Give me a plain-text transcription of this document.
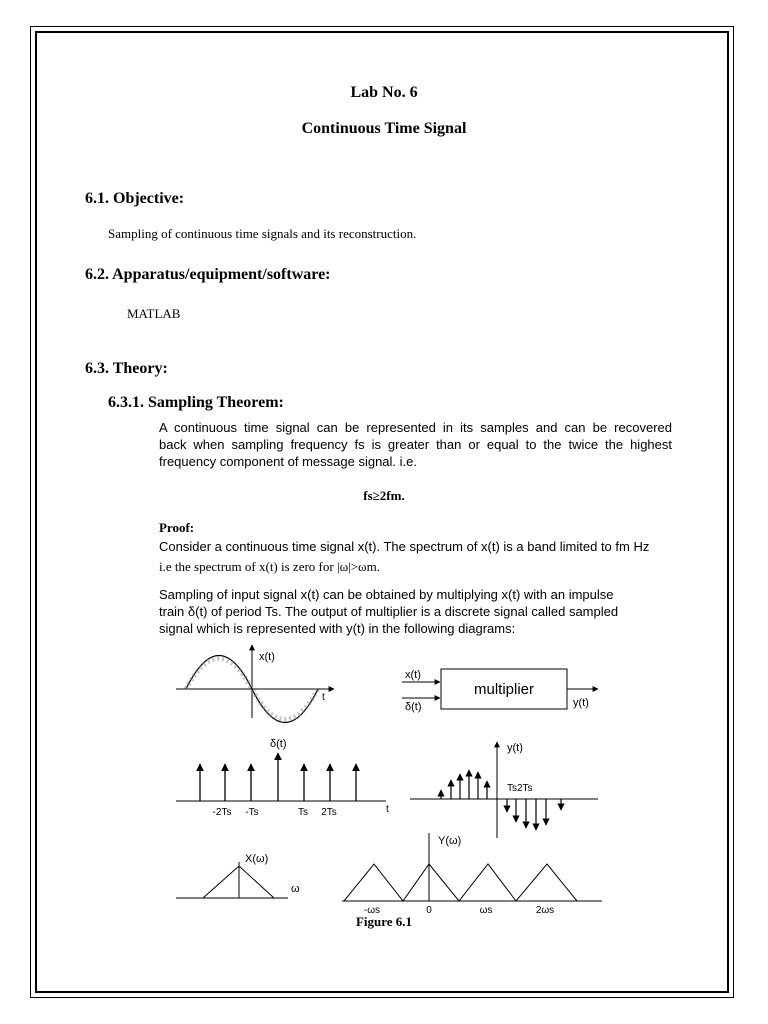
Lab No. 6
Continuous Time Signal
6.1. Objective:
Sampling of continuous time signals and its reconstruction.
6.2. Apparatus/equipment/software:
MATLAB
6.3. Theory:
6.3.1. Sampling Theorem:
A continuous time signal can be represented in its samples and can be recovered
back when sampling frequency fs is greater than or equal to the twice the highest
frequency component of message signal. i.e.
fs≥2fm.
Proof:
Consider a continuous time signal x(t). The spectrum of x(t) is a band limited to fm Hz
i.e the spectrum of x(t) is zero for |ω|>ωm.
Sampling of input signal x(t) can be obtained by multiplying x(t) with an impulse
train δ(t) of period Ts. The output of multiplier is a discrete signal called sampled
signal which is represented with y(t) in the following diagrams:
x(t)
t	multiplier
x(t)
δ(t)	y(t)
δ(t)
t
-2Ts -Ts	Ts 2Ts
y(t)
Ts2Ts
X(ω)
ω
Y(ω)
-ωs	0	ωs	2ωs
Figure 6.1
